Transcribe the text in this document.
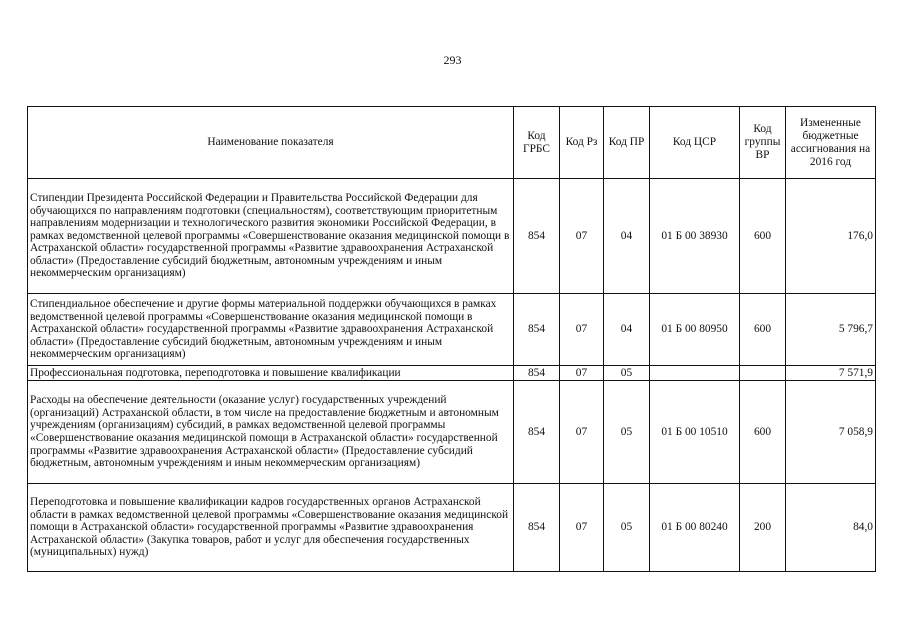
293
Наименование показателя	Код ГРБС	Код Рз	Код ПР	Код ЦСР	Код группы ВР	Измененные бюджетные ассигнования на 2016 год
Стипендии Президента Российской Федерации и Правительства Российской Федерации для обучающихся по направлениям подготовки (специальностям), соответствующим приоритетным направлениям модернизации и технологического развития экономики Российской Федерации, в рамках ведомственной целевой программы «Совершенствование оказания медицинской помощи в Астраханской области» государственной программы «Развитие здравоохранения Астраханской области» (Предоставление субсидий бюджетным, автономным учреждениям и иным некоммерческим организациям)	854	07	04	01 Б 00 38930	600	176,0
Стипендиальное обеспечение и другие формы материальной поддержки обучающихся в рамках ведомственной целевой программы «Совершенствование оказания медицинской помощи в Астраханской области» государственной программы «Развитие здравоохранения Астраханской области» (Предоставление субсидий бюджетным, автономным учреждениям и иным некоммерческим организациям)	854	07	04	01 Б 00 80950	600	5 796,7
Профессиональная подготовка, переподготовка и повышение квалификации	854	07	05			7 571,9
Расходы на обеспечение деятельности (оказание услуг) государственных учреждений (организаций) Астраханской области, в том числе на предоставление бюджетным и автономным учреждениям (организациям) субсидий, в рамках ведомственной целевой программы «Совершенствование оказания медицинской помощи в Астраханской области» государственной программы «Развитие здравоохранения Астраханской области» (Предоставление субсидий бюджетным, автономным учреждениям и иным некоммерческим организациям)	854	07	05	01 Б 00 10510	600	7 058,9
Переподготовка и повышение квалификации кадров государственных органов Астраханской области в рамках ведомственной целевой программы «Совершенствование оказания медицинской помощи в Астраханской области» государственной программы «Развитие здравоохранения Астраханской области» (Закупка товаров, работ и услуг для обеспечения государственных (муниципальных) нужд)	854	07	05	01 Б 00 80240	200	84,0
